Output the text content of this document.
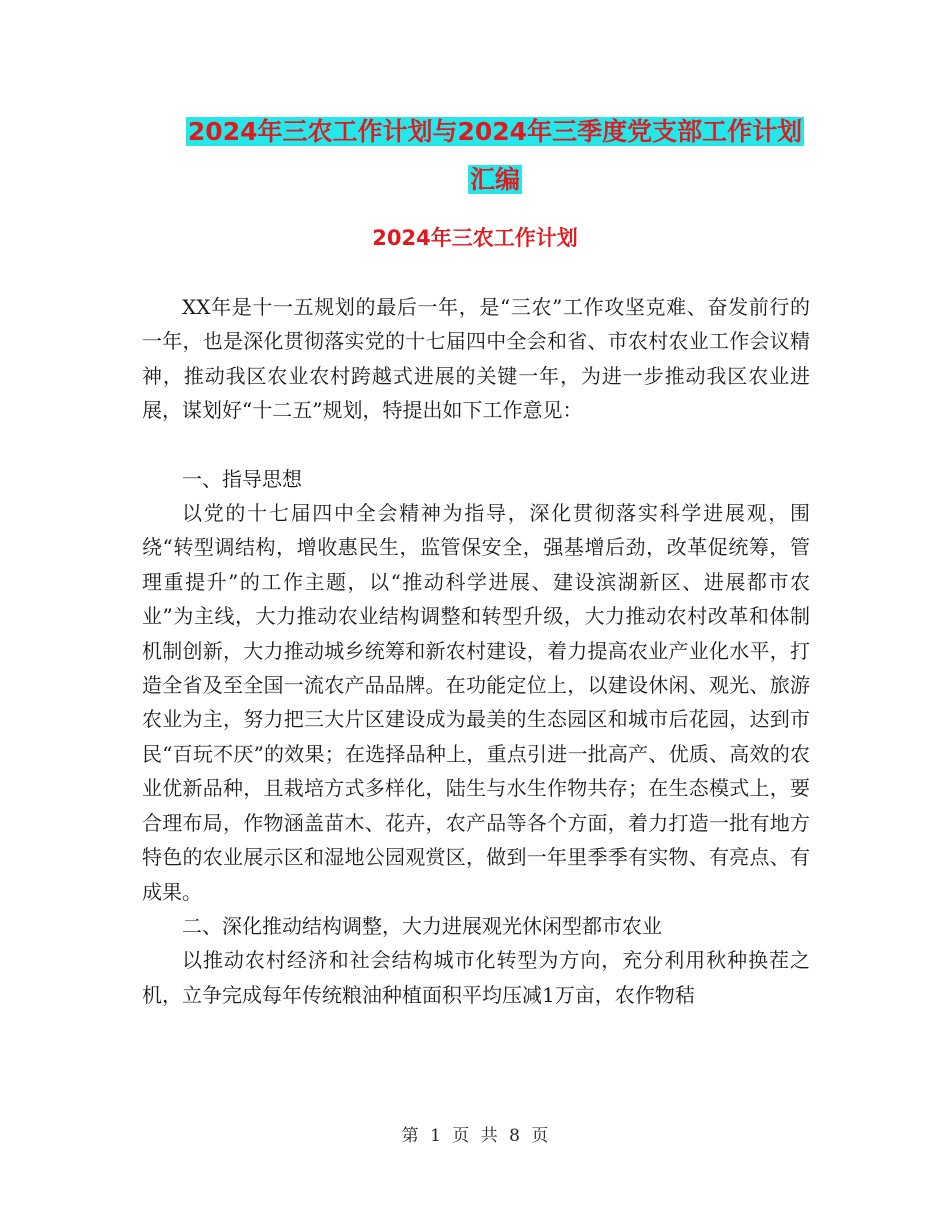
2024年三农工作计划与2024年三季度党支部工作计划
汇编
2024年三农工作计划

XX年是十一五规划的最后一年，是“三农”工作攻坚克难、奋发前行的一年，也是深化贯彻落实党的十七届四中全会和省、市农村农业工作会议精神，推动我区农业农村跨越式进展的关键一年，为进一步推动我区农业进展，谋划好“十二五”规划，特提出如下工作意见：

一、指导思想

以党的十七届四中全会精神为指导，深化贯彻落实科学进展观，围绕“转型调结构，增收惠民生，监管保安全，强基增后劲，改革促统筹，管理重提升”的工作主题，以“推动科学进展、建设滨湖新区、进展都市农业”为主线，大力推动农业结构调整和转型升级，大力推动农村改革和体制机制创新，大力推动城乡统筹和新农村建设，着力提高农业产业化水平，打造全省及至全国一流农产品品牌。在功能定位上，以建设休闲、观光、旅游农业为主，努力把三大片区建设成为最美的生态园区和城市后花园，达到市民“百玩不厌”的效果；在选择品种上，重点引进一批高产、优质、高效的农业优新品种，且栽培方式多样化，陆生与水生作物共存；在生态模式上，要合理布局，作物涵盖苗木、花卉，农产品等各个方面，着力打造一批有地方特色的农业展示区和湿地公园观赏区，做到一年里季季有实物、有亮点、有成果。

二、深化推动结构调整，大力进展观光休闲型都市农业

以推动农村经济和社会结构城市化转型为方向，充分利用秋种换茬之机，立争完成每年传统粮油种植面积平均压减1万亩，农作物秸

第 1 页 共 8 页
